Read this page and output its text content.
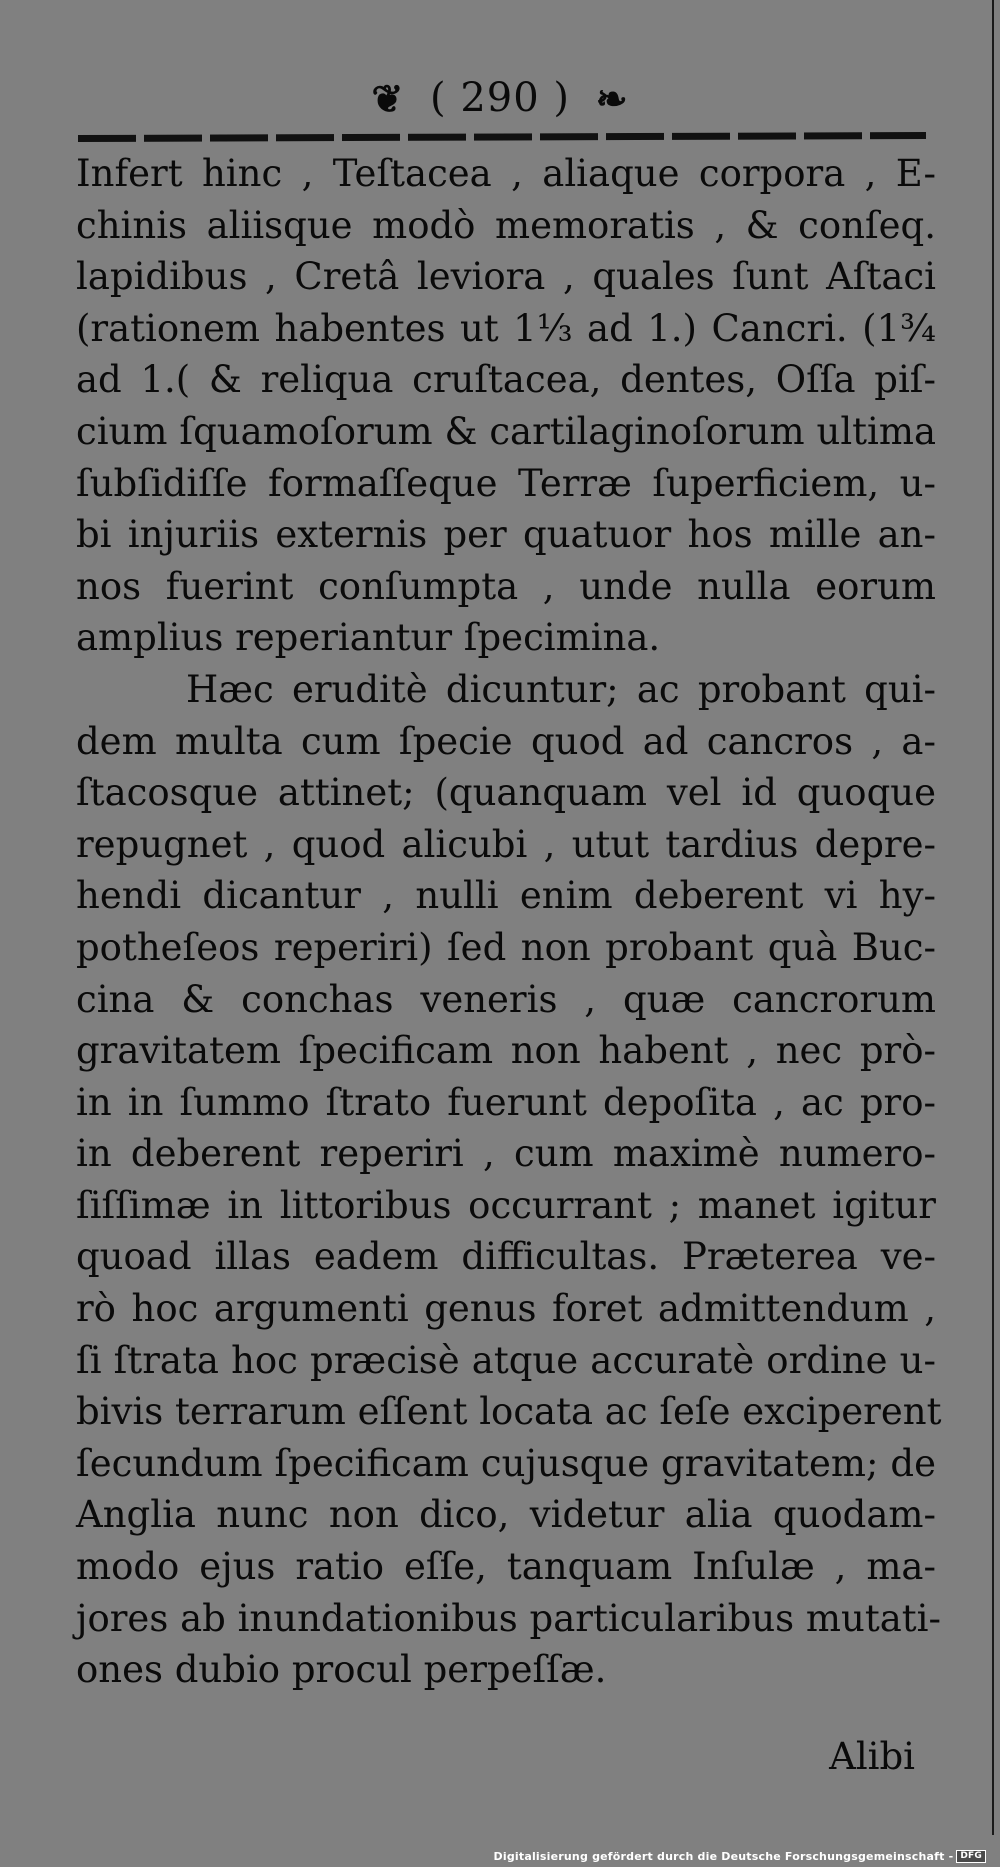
❦ ( 290 ) ❧
Infert hinc , Teſtacea , aliaque corpora , E-
chinis aliisque modò memoratis , & conſeq.
lapidibus , Cretâ leviora , quales ſunt Aſtaci
(rationem habentes ut 1⅓ ad 1.) Cancri. (1¾
ad 1.( & reliqua cruſtacea, dentes, Oſſa piſ-
cium ſquamoſorum & cartilaginoſorum ultima
ſubſidiſſe formaſſeque Terræ ſuperficiem, u-
bi injuriis externis per quatuor hos mille an-
nos fuerint conſumpta , unde nulla eorum
amplius reperiantur ſpecimina.
Hæc eruditè dicuntur; ac probant qui-
dem multa cum ſpecie quod ad cancros , a-
ſtacosque attinet; (quanquam vel id quoque
repugnet , quod alicubi , utut tardius depre-
hendi dicantur , nulli enim deberent vi hy-
potheſeos reperiri) ſed non probant quà Buc-
cina & conchas veneris , quæ cancrorum
gravitatem ſpecificam non habent , nec prò-
in in ſummo ſtrato fuerunt depoſita , ac pro-
in deberent reperiri , cum maximè numero-
ſiſſimæ in littoribus occurrant ; manet igitur
quoad illas eadem difficultas. Præterea ve-
rò hoc argumenti genus foret admittendum ,
ſi ſtrata hoc præcisè atque accuratè ordine u-
bivis terrarum eſſent locata ac ſeſe exciperent
ſecundum ſpecificam cujusque gravitatem; de
Anglia nunc non dico, videtur alia quodam-
modo ejus ratio eſſe, tanquam Inſulæ , ma-
jores ab inundationibus particularibus mutati-
ones dubio procul perpeſſæ.
Alibi
Digitalisierung gefördert durch die Deutsche Forschungsgemeinschaft - DFG
